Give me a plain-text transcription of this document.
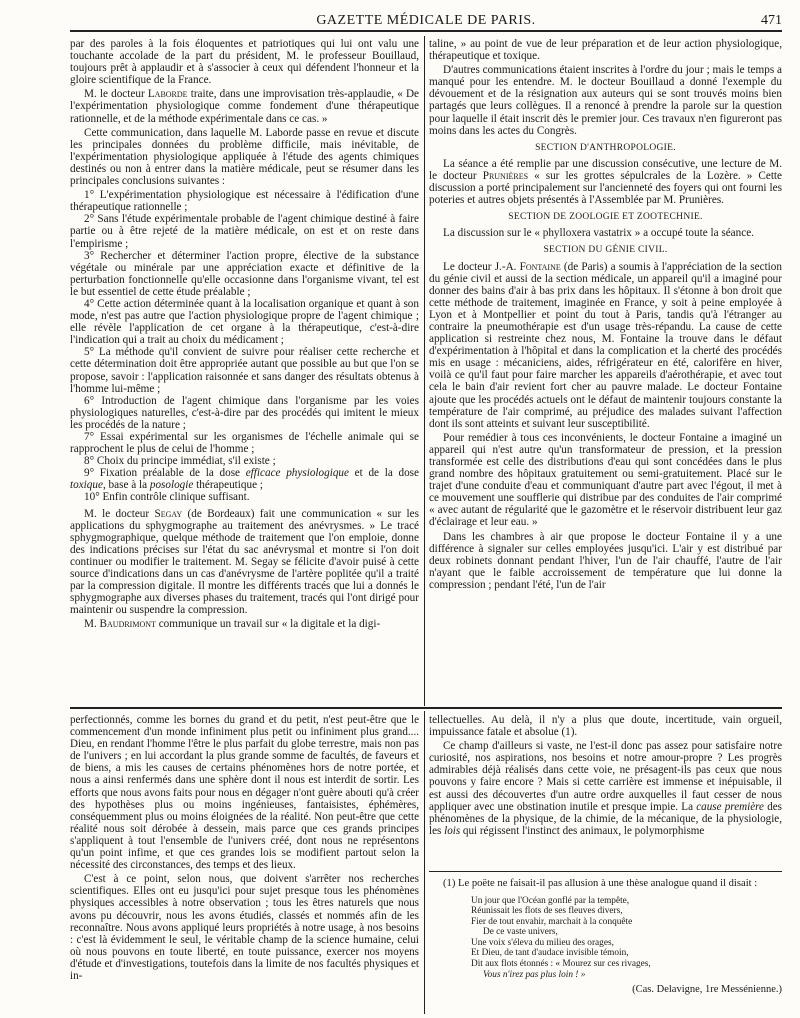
GAZETTE MÉDICALE DE PARIS.	471

par des paroles à la fois éloquentes et patriotiques qui lui ont valu une touchante accolade de la part du président, M. le professeur Bouillaud, toujours prêt à applaudir et à s'associer à ceux qui défendent l'honneur et la gloire scientifique de la France.

M. le docteur Laborde traite, dans une improvisation très-applaudie, « De l'expérimentation physiologique comme fondement d'une thérapeutique rationnelle, et de la méthode expérimentale dans ce cas. »

Cette communication, dans laquelle M. Laborde passe en revue et discute les principales données du problème difficile, mais inévitable, de l'expérimentation physiologique appliquée à l'étude des agents chimiques destinés ou non à entrer dans la matière médicale, peut se résumer dans les principales conclusions suivantes :

1° L'expérimentation physiologique est nécessaire à l'édification d'une thérapeutique rationnelle ;

2° Sans l'étude expérimentale probable de l'agent chimique destiné à faire partie ou à être rejeté de la matière médicale, on est et on reste dans l'empirisme ;

3° Rechercher et déterminer l'action propre, élective de la substance végétale ou minérale par une appréciation exacte et définitive de la perturbation fonctionnelle qu'elle occasionne dans l'organisme vivant, tel est le but essentiel de cette étude préalable ;

4° Cette action déterminée quant à la localisation organique et quant à son mode, n'est pas autre que l'action physiologique propre de l'agent chimique ; elle révèle l'application de cet organe à la thérapeutique, c'est-à-dire l'indication qui a trait au choix du médicament ;

5° La méthode qu'il convient de suivre pour réaliser cette recherche et cette détermination doit être appropriée autant que possible au but que l'on se propose, savoir : l'application raisonnée et sans danger des résultats obtenus à l'homme lui-même ;

6° Introduction de l'agent chimique dans l'organisme par les voies physiologiques naturelles, c'est-à-dire par des procédés qui imitent le mieux les procédés de la nature ;

7° Essai expérimental sur les organismes de l'échelle animale qui se rapprochent le plus de celui de l'homme ;

8° Choix du principe immédiat, s'il existe ;

9° Fixation préalable de la dose efficace physiologique et de la dose toxique, base à la posologie thérapeutique ;

10° Enfin contrôle clinique suffisant.

M. le docteur Segay (de Bordeaux) fait une communication « sur les applications du sphygmographe au traitement des anévrysmes. » Le tracé sphygmographique, quelque méthode de traitement que l'on emploie, donne des indications précises sur l'état du sac anévrysmal et montre si l'on doit continuer ou modifier le traitement. M. Segay se félicite d'avoir puisé à cette source d'indications dans un cas d'anévrysme de l'artère poplitée qu'il a traité par la compression digitale. Il montre les différents tracés que lui a donnés le sphygmographe aux diverses phases du traitement, tracés qui l'ont dirigé pour maintenir ou suspendre la compression.

M. Baudrimont communique un travail sur « la digitale et la digi-

taline, » au point de vue de leur préparation et de leur action physiologique, thérapeutique et toxique.

D'autres communications étaient inscrites à l'ordre du jour ; mais le temps a manqué pour les entendre. M. le docteur Bouillaud a donné l'exemple du dévouement et de la résignation aux auteurs qui se sont trouvés moins bien partagés que leurs collègues. Il a renoncé à prendre la parole sur la question pour laquelle il était inscrit dès le premier jour. Ces travaux n'en figureront pas moins dans les actes du Congrès.

SECTION D'ANTHROPOLOGIE.

La séance a été remplie par une discussion consécutive, une lecture de M. le docteur Prunières « sur les grottes sépulcrales de la Lozère. » Cette discussion a porté principalement sur l'ancienneté des foyers qui ont fourni les poteries et autres objets présentés à l'Assemblée par M. Prunières.

SECTION DE ZOOLOGIE ET ZOOTECHNIE.

La discussion sur le « phylloxera vastatrix » a occupé toute la séance.

SECTION DU GÉNIE CIVIL.

Le docteur J.-A. Fontaine (de Paris) a soumis à l'appréciation de la section du génie civil et aussi de la section médicale, un appareil qu'il a imaginé pour donner des bains d'air à bas prix dans les hôpitaux. Il s'étonne à bon droit que cette méthode de traitement, imaginée en France, y soit à peine employée à Lyon et à Montpellier et point du tout à Paris, tandis qu'à l'étranger au contraire la pneumothérapie est d'un usage très-répandu. La cause de cette application si restreinte chez nous, M. Fontaine la trouve dans le défaut d'expérimentation à l'hôpital et dans la complication et la cherté des procédés mis en usage : mécaniciens, aides, réfrigérateur en été, calorifère en hiver, voilà ce qu'il faut pour faire marcher les appareils d'aérothérapie, et avec tout cela le bain d'air revient fort cher au pauvre malade. Le docteur Fontaine ajoute que les procédés actuels ont le défaut de maintenir toujours constante la température de l'air comprimé, au préjudice des malades suivant l'affection dont ils sont atteints et suivant leur susceptibilité.

Pour remédier à tous ces inconvénients, le docteur Fontaine a imaginé un appareil qui n'est autre qu'un transformateur de pression, et la pression transformée est celle des distributions d'eau qui sont concédées dans le plus grand nombre des hôpitaux gratuitement ou semi-gratuitement. Placé sur le trajet d'une conduite d'eau et communiquant d'autre part avec l'égout, il met à ce mouvement une soufflerie qui distribue par des conduites de l'air comprimé « avec autant de régularité que le gazomètre et le réservoir distribuent leur gaz d'éclairage et leur eau. »

Dans les chambres à air que propose le docteur Fontaine il y a une différence à signaler sur celles employées jusqu'ici. L'air y est distribué par deux robinets donnant pendant l'hiver, l'un de l'air chauffé, l'autre de l'air n'ayant que le faible accroissement de température que lui donne la compression ; pendant l'été, l'un de l'air

perfectionnés, comme les bornes du grand et du petit, n'est peut-être que le commencement d'un monde infiniment plus petit ou infiniment plus grand.... Dieu, en rendant l'homme l'être le plus parfait du globe terrestre, mais non pas de l'univers ; en lui accordant la plus grande somme de facultés, de faveurs et de biens, a mis les causes de certains phénomènes hors de notre portée, et nous a ainsi renfermés dans une sphère dont il nous est interdit de sortir. Les efforts que nous avons faits pour nous en dégager n'ont guère abouti qu'à créer des hypothèses plus ou moins ingénieuses, fantaisistes, éphémères, conséquemment plus ou moins éloignées de la réalité. Non peut-être que cette réalité nous soit dérobée à dessein, mais parce que ces grands principes s'appliquent à tout l'ensemble de l'univers créé, dont nous ne représentons qu'un point infime, et que ces grandes lois se modifient partout selon la nécessité des circonstances, des temps et des lieux.

C'est à ce point, selon nous, que doivent s'arrêter nos recherches scientifiques. Elles ont eu jusqu'ici pour sujet presque tous les phénomènes physiques accessibles à notre observation ; tous les êtres naturels que nous avons pu découvrir, nous les avons étudiés, classés et nommés afin de les reconnaître. Nous avons appliqué leurs propriétés à notre usage, à nos besoins : c'est là évidemment le seul, le véritable champ de la science humaine, celui où nous pouvons en toute liberté, en toute puissance, exercer nos moyens d'étude et d'investigations, toutefois dans la limite de nos facultés physiques et in-

tellectuelles. Au delà, il n'y a plus que doute, incertitude, vain orgueil, impuissance fatale et absolue (1).

Ce champ d'ailleurs si vaste, ne l'est-il donc pas assez pour satisfaire notre curiosité, nos aspirations, nos besoins et notre amour-propre ? Les progrès admirables déjà réalisés dans cette voie, ne présagent-ils pas ceux que nous pouvons y faire encore ? Mais si cette carrière est immense et inépuisable, il est aussi des découvertes d'un autre ordre auxquelles il faut cesser de nous appliquer avec une obstination inutile et presque impie. La cause première des phénomènes de la physique, de la chimie, de la mécanique, de la physiologie, les lois qui régissent l'instinct des animaux, le polymorphisme

(1) Le poëte ne faisait-il pas allusion à une thèse analogue quand il disait :

Un jour que l'Océan gonflé par la tempête,
Réunissait les flots de ses fleuves divers,
Fier de tout envahir, marchait à la conquête
De ce vaste univers,
Une voix s'éleva du milieu des orages,
Et Dieu, de tant d'audace invisible témoin,
Dit aux flots étonnés : « Mourez sur ces rivages,
Vous n'irez pas plus loin ! »
(Cas. Delavigne, 1re Messénienne.)
